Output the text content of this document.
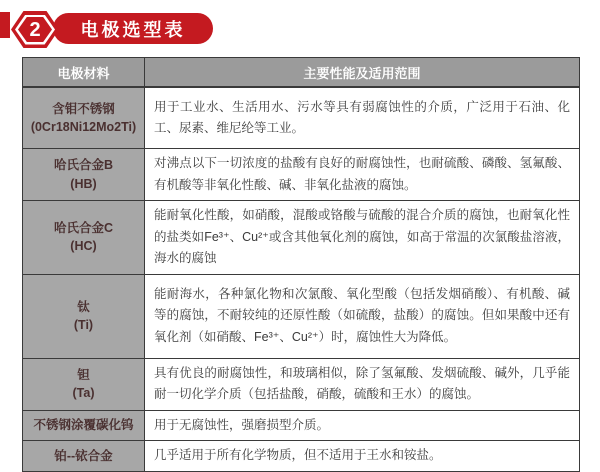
2	电极选型表
电极材料	主要性能及适用范围

含钼不锈钢
(0Cr18Ni12Mo2Ti)	用于工业水、生活用水、污水等具有弱腐蚀性的介质，广泛用于石油、化工、尿素、维尼纶等工业。

哈氏合金B
(HB)	对沸点以下一切浓度的盐酸有良好的耐腐蚀性，也耐硫酸、磷酸、氢氟酸、有机酸等非氧化性酸、碱、非氧化盐液的腐蚀。

哈氏合金C
(HC)	能耐氧化性酸，如硝酸，混酸或铬酸与硫酸的混合介质的腐蚀，也耐氧化性的盐类如Fe³⁺、Cu²⁺或含其他氧化剂的腐蚀，如高于常温的次氯酸盐溶液，海水的腐蚀

钛
(Ti)	能耐海水，各种氯化物和次氯酸、氧化型酸（包括发烟硝酸）、有机酸、碱等的腐蚀，不耐较纯的还原性酸（如硫酸，盐酸）的腐蚀。但如果酸中还有氧化剂（如硝酸、Fe³⁺、Cu²⁺）时，腐蚀性大为降低。

钽
(Ta)	具有优良的耐腐蚀性，和玻璃相似，除了氢氟酸、发烟硫酸、碱外，几乎能耐一切化学介质（包括盐酸，硝酸，硫酸和王水）的腐蚀。

不锈钢涂覆碳化钨	用于无腐蚀性，强磨损型介质。

铂--铱合金	几乎适用于所有化学物质，但不适用于王水和铵盐。
